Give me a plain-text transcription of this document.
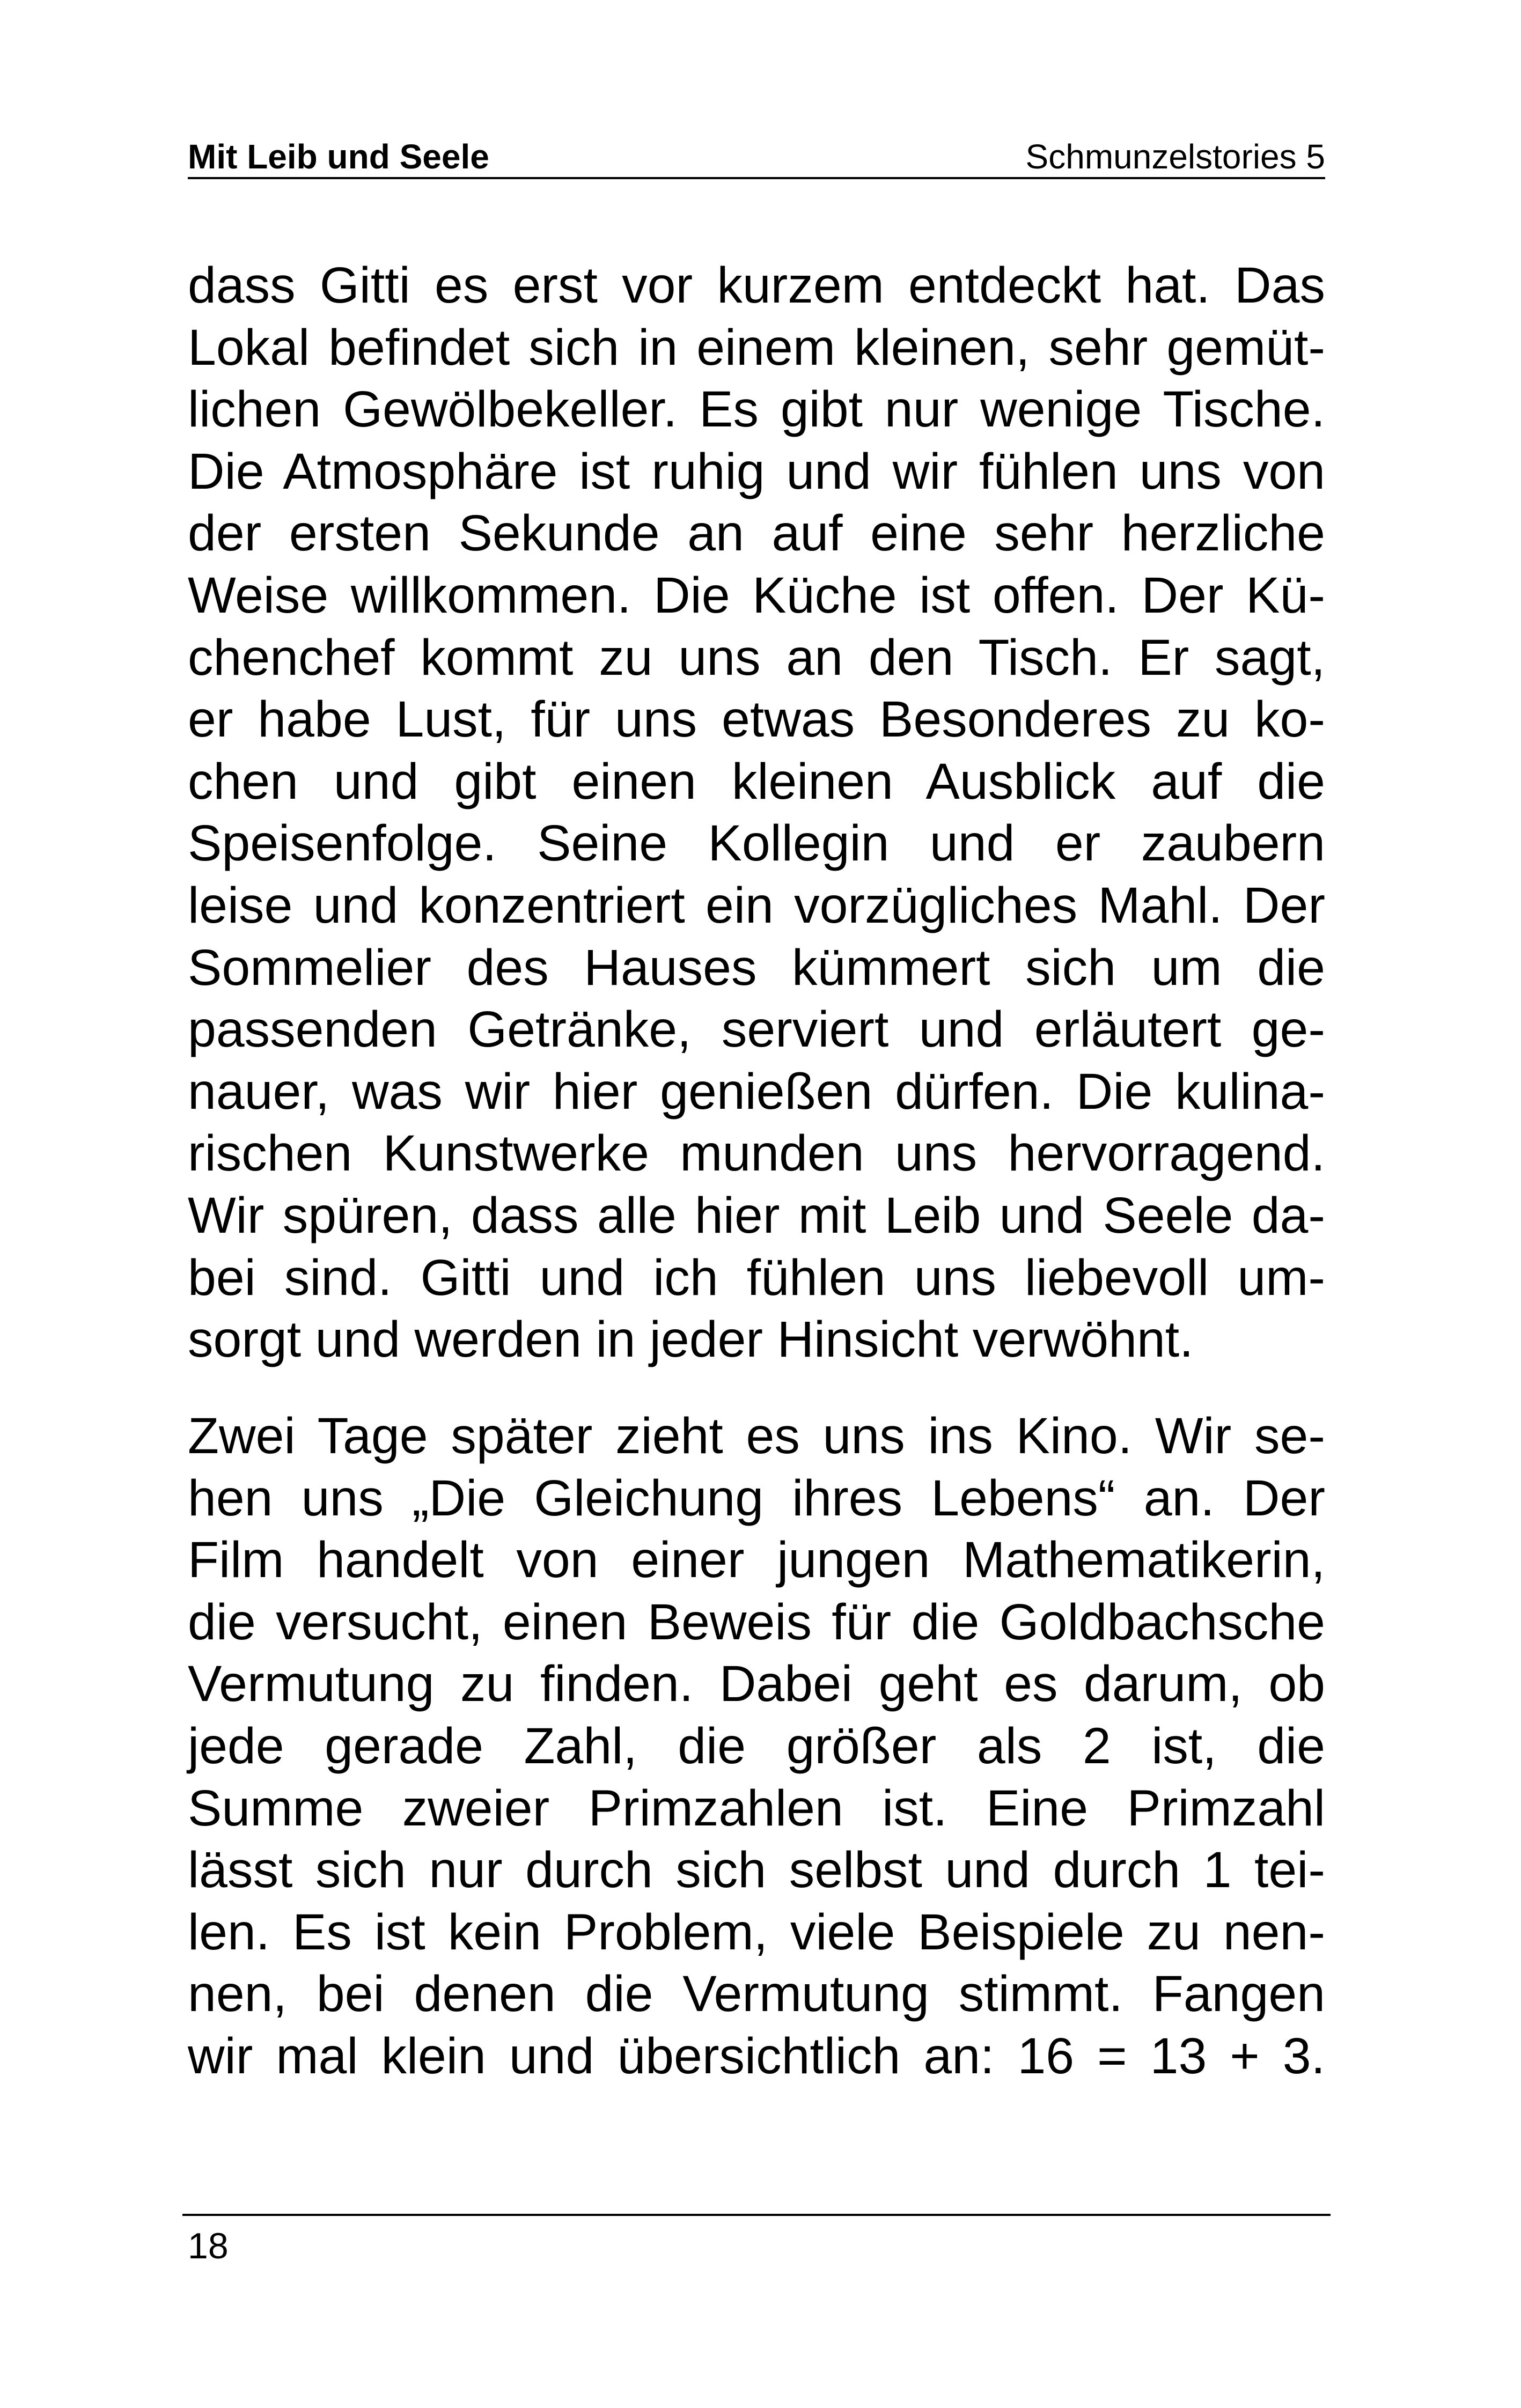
Mit Leib und Seele	Schmunzelstories 5
dass Gitti es erst vor kurzem entdeckt hat. Das
Lokal befindet sich in einem kleinen, sehr gemüt-
lichen Gewölbekeller. Es gibt nur wenige Tische.
Die Atmosphäre ist ruhig und wir fühlen uns von
der ersten Sekunde an auf eine sehr herzliche
Weise willkommen. Die Küche ist offen. Der Kü-
chenchef kommt zu uns an den Tisch. Er sagt,
er habe Lust, für uns etwas Besonderes zu ko-
chen und gibt einen kleinen Ausblick auf die
Speisenfolge. Seine Kollegin und er zaubern
leise und konzentriert ein vorzügliches Mahl. Der
Sommelier des Hauses kümmert sich um die
passenden Getränke, serviert und erläutert ge-
nauer, was wir hier genießen dürfen. Die kulina-
rischen Kunstwerke munden uns hervorragend.
Wir spüren, dass alle hier mit Leib und Seele da-
bei sind. Gitti und ich fühlen uns liebevoll um-
sorgt und werden in jeder Hinsicht verwöhnt.
Zwei Tage später zieht es uns ins Kino. Wir se-
hen uns „Die Gleichung ihres Lebens“ an. Der
Film handelt von einer jungen Mathematikerin,
die versucht, einen Beweis für die Goldbachsche
Vermutung zu finden. Dabei geht es darum, ob
jede gerade Zahl, die größer als 2 ist, die
Summe zweier Primzahlen ist. Eine Primzahl
lässt sich nur durch sich selbst und durch 1 tei-
len. Es ist kein Problem, viele Beispiele zu nen-
nen, bei denen die Vermutung stimmt. Fangen
wir mal klein und übersichtlich an: 16 = 13 + 3.
18
